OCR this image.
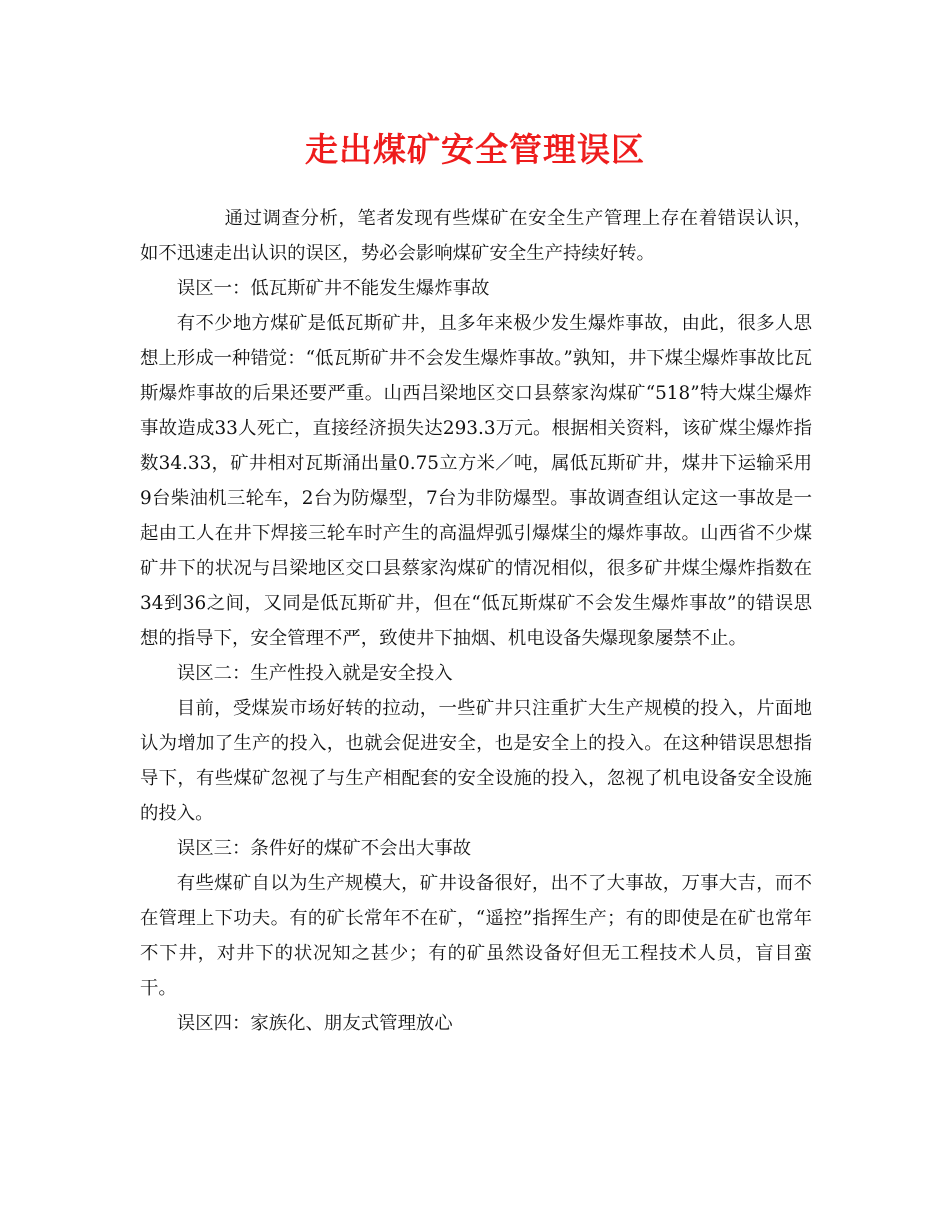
走出煤矿安全管理误区

通过调查分析，笔者发现有些煤矿在安全生产管理上存在着错误认识，如不迅速走出认识的误区，势必会影响煤矿安全生产持续好转。

误区一：低瓦斯矿井不能发生爆炸事故

有不少地方煤矿是低瓦斯矿井，且多年来极少发生爆炸事故，由此，很多人思想上形成一种错觉：“低瓦斯矿井不会发生爆炸事故。”孰知，井下煤尘爆炸事故比瓦斯爆炸事故的后果还要严重。山西吕梁地区交口县蔡家沟煤矿“518”特大煤尘爆炸事故造成33人死亡，直接经济损失达293.3万元。根据相关资料，该矿煤尘爆炸指数34.33，矿井相对瓦斯涌出量0.75立方米／吨，属低瓦斯矿井，煤井下运输采用9台柴油机三轮车，2台为防爆型，7台为非防爆型。事故调查组认定这一事故是一起由工人在井下焊接三轮车时产生的高温焊弧引爆煤尘的爆炸事故。山西省不少煤矿井下的状况与吕梁地区交口县蔡家沟煤矿的情况相似，很多矿井煤尘爆炸指数在34到36之间，又同是低瓦斯矿井，但在“低瓦斯煤矿不会发生爆炸事故”的错误思想的指导下，安全管理不严，致使井下抽烟、机电设备失爆现象屡禁不止。

误区二：生产性投入就是安全投入

目前，受煤炭市场好转的拉动，一些矿井只注重扩大生产规模的投入，片面地认为增加了生产的投入，也就会促进安全，也是安全上的投入。在这种错误思想指导下，有些煤矿忽视了与生产相配套的安全设施的投入，忽视了机电设备安全设施的投入。

误区三：条件好的煤矿不会出大事故

有些煤矿自以为生产规模大，矿井设备很好，出不了大事故，万事大吉，而不在管理上下功夫。有的矿长常年不在矿，“遥控”指挥生产；有的即使是在矿也常年不下井，对井下的状况知之甚少；有的矿虽然设备好但无工程技术人员，盲目蛮干。

误区四：家族化、朋友式管理放心
